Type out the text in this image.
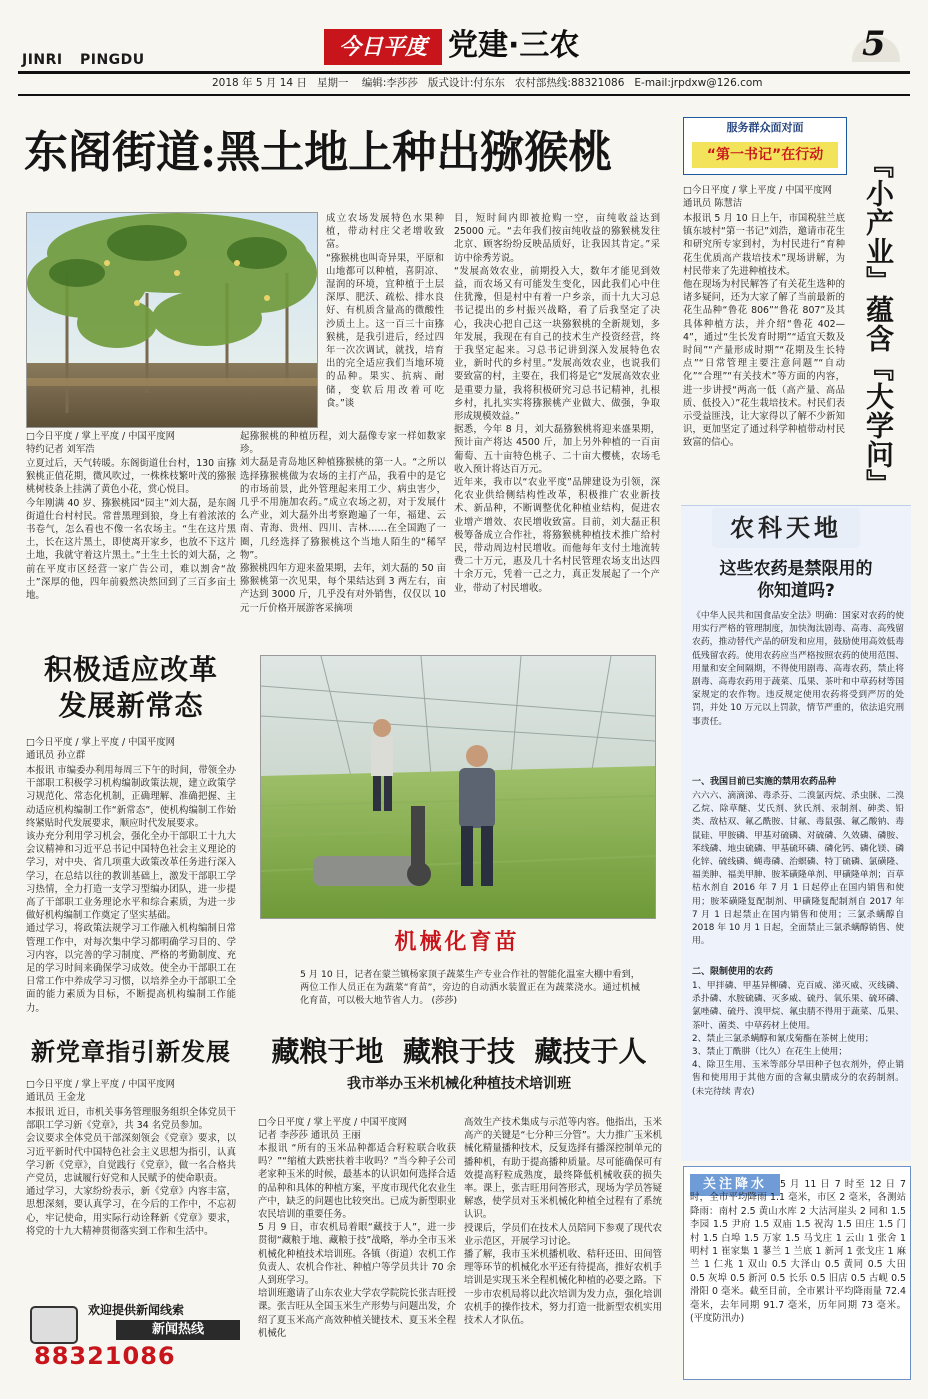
JINRI PINGDU	今日平度 党建·三农	5
2018 年 5 月 14 日   星期一    编辑:李莎莎   版式设计:付东东   农村部热线:88321086   E-mail:jrpdxw@126.com
东阁街道:黑土地上种出猕猴桃
□今日平度 / 掌上平度 / 中国平度网
特约记者 刘军浩
立夏过后，天气转暖。东阁街道仕台村，130 亩猕猴桃正值花期，微风吹过，一株株枝繁叶茂的猕猴桃树枝条上挂满了黄色小花，赏心悦目。
今年刚满 40 岁、猕猴桃园“园主”刘大磊，是东阁街道仕台村村民。常普黑理到狼，身上有着浓浓的书卷气，怎么看也不像一名农场主。“生在这片黑土，长在这片黑土，即使离开家乡，也放不下这片土地，我就守着这片黑土。”土生土长的刘大磊，之前在平度市区经营一家广告公司，难以割舍“故土”深厚的他，四年前毅然决然回到了三百多亩土地。
成立农场发展特色水果种植，带动村庄父老增收致富。
“猕猴桃也叫奇异果，平原和山地都可以种植，喜阴凉、湿润的环境，宜种植于土层深厚、肥沃、疏松、排水良好、有机质含量高的微酸性沙质土上。这一百三十亩猕猴桃，是我引进后，经过四年一次次调试，就找，培育出的完全适应我们当地环境的品种。果实、抗病、耐储，变软后用改着可吃食。”谈
起猕猴桃的种植历程，刘大磊像专家一样如数家珍。
刘大磊是青岛地区种植猕猴桃的第一人。“之所以选择猕猴桃做为农场的主打产品，我看中的是它的市场前景，此外管理起来用工少、病虫害少，几乎不用施加农药。”成立农场之初，对于发展什么产业，刘大磊外出考察跑遍了一年，福建、云南、青海、贵州、四川、吉林……在全国跑了一圈，几经选择了猕猴桃这个当地人陌生的“稀罕物”。
猕猴桃四年方迎来盈果期，去年，刘大磊的 50 亩猕猴桃第一次见果，每个果结达到 3 两左右，亩产达到 3000 斤，几乎没有对外销售，仅仅以 10 元一斤价格开展游客采摘项
目，短时间内即被抢购一空，亩纯收益达到 25000 元。“去年我们按亩纯收益的猕猴桃发往北京、顾客纷纷反映品质好，让我因其肯定。”采访中徐秀芳说。
“发展高效农业，前期投入大，数年才能见到效益，而农场又有可能发生变化，因此我们心中住住犹豫，但是村中有着一户乡亲，而十九大习总书记提出的乡村振兴战略，看了后我坚定了决心，我决心把自己这一块猕猴桃的全新规划，多年发展，我现在有自己的技术生产投资经营，终于我坚定起来。习总书记讲到深入发展特色农业，新时代的乡村里。”发展高效农业，也说我们要致富的村，主要在，我们将是它“发展高效农业是重要力量，我将积极研究习总书记精神，扎根乡村，扎扎实实将猕猴桃产业做大、做强，争取形成规模效益。”
据悉，今年 8 月，刘大磊猕猴桃将迎来盛果期，预计亩产将达 4500 斤，加上另外种植的一百亩葡萄、五十亩特色桃子、二十亩大樱桃，农场毛收入预计将达百万元。
近年来，我市以“农业平度”品牌建设为引领，深化农业供给侧结构性改革，积极推广农业新技术、新品种，不断调整优化种植业结构，促进农业增产增效、农民增收致富。目前，刘大磊正积极筹备成立合作社，将猕猴桃种植技术推广给村民，带动周边村民增收。而他每年支付土地流转费二十万元，惠及几十名村民管理农场支出达四十余万元，凭着一己之力，真正发展起了一个产业，带动了村民增收。
服务群众面对面
“第一书记”在行动	『小产业』蕴含『大学问』
□今日平度 / 掌上平度 / 中国平度网
通讯员 陈慧洁
本报讯 5 月 10 日上午，市国税驻兰底镇东坡村“第一书记”刘浩，邀请市花生和研究所专家到村，为村民进行“育种花生优质高产栽培技术”现场讲解，为村民带来了先进种植技术。
他在现场为村民解答了有关花生选种的诸多疑问，还为大家了解了当前最新的花生品种“鲁花 806”“鲁花 807”及其具体种植方法，并介绍“鲁花 402—4”，通过“生长发育时期”“适宜天数及时间”“产量形成时期”“花期及生长特点”“日常管理主要注意问题”“自动化”“合理”“有关技术”等方面的内容，进一步讲授“两高一低（高产量、高品质、低投入）”花生栽培技术。村民们表示受益匪浅，让大家得以了解不少新知识，更加坚定了通过科学种植带动村民致富的信心。
农科天地
这些农药是禁限用的
你知道吗?
《中华人民共和国食品安全法》明确：国家对农药的使用实行严格的管理制度，加快淘汰剧毒、高毒、高残留农药，推动替代产品的研发和应用，鼓励使用高效低毒低残留农药。使用农药应当严格按照农药的使用范围、用量和安全间隔期，不得使用剧毒、高毒农药，禁止将剧毒、高毒农药用于蔬菜、瓜果、茶叶和中草药材等国家规定的农作物。违反规定使用农药将受到严厉的处罚，并处 10 万元以上罚款，情节严重的，依法追究刑事责任。
一、我国目前已实施的禁用农药品种
六六六、滴滴涕、毒杀芬、二溴氯丙烷、杀虫脒、二溴乙烷、除草醚、艾氏剂、狄氏剂、汞制剂、砷类、铅类、敌枯双、氟乙酰胺、甘氟、毒鼠强、氟乙酸钠、毒鼠硅、甲胺磷、甲基对硫磷、对硫磷、久效磷、磷胺、苯线磷、地虫硫磷、甲基硫环磷、磷化钙、磷化镁、磷化锌、硫线磷、蝇毒磷、治螟磷、特丁硫磷、氯磺隆、福美胂、福美甲胂、胺苯磺隆单剂、甲磺隆单剂；百草枯水剂自 2016 年 7 月 1 日起停止在国内销售和使用；胺苯磺隆复配制剂、甲磺隆复配制剂自 2017 年 7 月 1 日起禁止在国内销售和使用；三氯杀螨醇自 2018 年 10 月 1 日起，全面禁止三氯杀螨醇销售、使用。
二、限制使用的农药
1、甲拌磷、甲基异柳磷、克百威、涕灭威、灭线磷、杀扑磷、水胺硫磷、灭多威、硫丹、氧乐果、硫环磷、氯唑磷、硫丹、溴甲烷、氟虫腈不得用于蔬菜、瓜果、茶叶、菌类、中草药材上使用。
2、禁止三氯杀螨醇和氰戊菊酯在茶树上使用；
3、禁止丁酰肼（比久）在花生上使用；
4、除卫生用、玉米等部分旱田种子包衣剂外，停止销售和使用用于其他方面的含氟虫腈成分的农药制剂。 (未完待续 青农)
积极适应改革
发展新常态
□今日平度 / 掌上平度 / 中国平度网
通讯员 孙立群
本报讯 市编委办利用每周三下午的时间，带领全办干部职工积极学习机构编制政策法规，建立政策学习规范化、常态化机制，正确理解、准确把握、主动适应机构编制工作“新常态”，使机构编制工作始终紧贴时代发展要求，顺应时代发展要求。
该办充分利用学习机会，强化全办干部职工十九大会议精神和习近平总书记中国特色社会主义理论的学习，对中央、省几项重大政策改革任务进行深入学习，在总结以往的教训基础上，激发干部职工学习热情，全力打造一支学习型编办团队，进一步提高了干部职工业务理论水平和综合素质，为进一步做好机构编制工作奠定了坚实基础。
通过学习，将政策法规学习工作融入机构编制日常管理工作中，对每次集中学习都明确学习目的、学习内容，以完善的学习制度、严格的考勤制度、充足的学习时间来确保学习成效。使全办干部职工在日常工作中养成学习习惯，以培养全办干部职工全面的能力素质为目标，不断提高机构编制工作能力。
机械化育苗
5 月 10 日，记者在蒙兰镇杨家顶子蔬菜生产专业合作社的智能化温室大棚中看到，两位工作人员正在为蔬菜“育苗”，旁边的自动洒水装置正在为蔬菜浇水。通过机械化育苗，可以极大地节省人力。 (莎莎)
新党章指引新发展
□今日平度 / 掌上平度 / 中国平度网
通讯员 王金龙
本报讯 近日，市机关事务管理服务组织全体党员干部职工学习新《党章》，共 34 名党员参加。
会议要求全体党员干部深刻领会《党章》要求，以习近平新时代中国特色社会主义思想为指引，认真学习新《党章》，自觉践行《党章》，做一名合格共产党员，忠诚履行好党和人民赋予的使命职责。
通过学习，大家纷纷表示，新《党章》内容丰富，思想深刻，要认真学习，在今后的工作中，不忘初心，牢记使命，用实际行动诠释新《党章》要求，将党的十九大精神贯彻落实到工作和生活中。
欢迎提供新闻线索
新闻热线
88321086
藏粮于地  藏粮于技  藏技于人
我市举办玉米机械化种植技术培训班
□今日平度 / 掌上平度 / 中国平度网
记者 李莎莎 通讯员 王丽
本报讯 “所有的玉米品种都适合籽粒联合收获吗？”“缩植大跌密扶着丰收吗？”当今种子公司老家种玉米的时候，最基本的认识如何选择合适的品种和具体的种植方案，平度市现代化农业生产中，缺乏的问题也比较突出。已成为新型职业农民培训的重要任务。
5 月 9 日，市农机局着眼“藏技于人”，进一步贯彻“藏粮于地、藏粮于技”战略，举办全市玉米机械化种植技术培训班。各镇（街道）农机工作负责人、农机合作社、种植户等学员共计 70 余人到班学习。
培训班邀请了山东农业大学农学院院长张吉旺授课。张吉旺从全国玉米生产形势与问题出发，介绍了夏玉米高产高效种植关键技术、夏玉米全程机械化
高效生产技术集成与示范等内容。他指出，玉米高产的关键是“七分种三分管”。大力推广玉米机械化精量播种技术，反复选择有播深控制单元的播种机，有助于提高播种质量。尽可能确保可有效提高籽粒成熟度，最终降低机械收获的损失率。课上，张吉旺用问答形式，现场为学员答疑解惑，使学员对玉米机械化种植全过程有了系统认识。
授课后，学员们在技术人员陪同下参观了现代农业示范区，开展学习讨论。
播了解，我市玉米机播机收、秸秆还田、田间管理等环节的机械化水平还有待提高，推好农机手培训是实现玉米全程机械化种植的必要之路。下一步市农机局将以此次培训为发力点，强化培训农机手的操作技术，努力打造一批新型农机实用技术人才队伍。
关注降水	5 月 11 日 7 时至 12 日 7 时，全市平均降雨 1.1 毫米，市区 2 毫米，各测站降雨：南村 2.5 黄山水库 2 大沽河崖头 2 同和 1.5 李园 1.5 尹府 1.5 双庙 1.5 祝沟 1.5 田庄 1.5 门村 1.5 白埠 1.5 万家 1.5 马戈庄 1 云山 1 张舍 1 明村 1 崔家集 1 蓼兰 1 兰底 1 新河 1 张戈庄 1 麻兰 1 仁兆 1 双山 0.5 大泽山 0.5 黄同 0.5 大田 0.5 灰埠 0.5 新河 0.5 长乐 0.5 旧店 0.5 古岘 0.5 滑阳 0 毫米。截至目前，全市累计平均降雨量 72.4 毫米，去年同期 91.7 毫米，历年同期 73 毫米。 (平度防汛办)
